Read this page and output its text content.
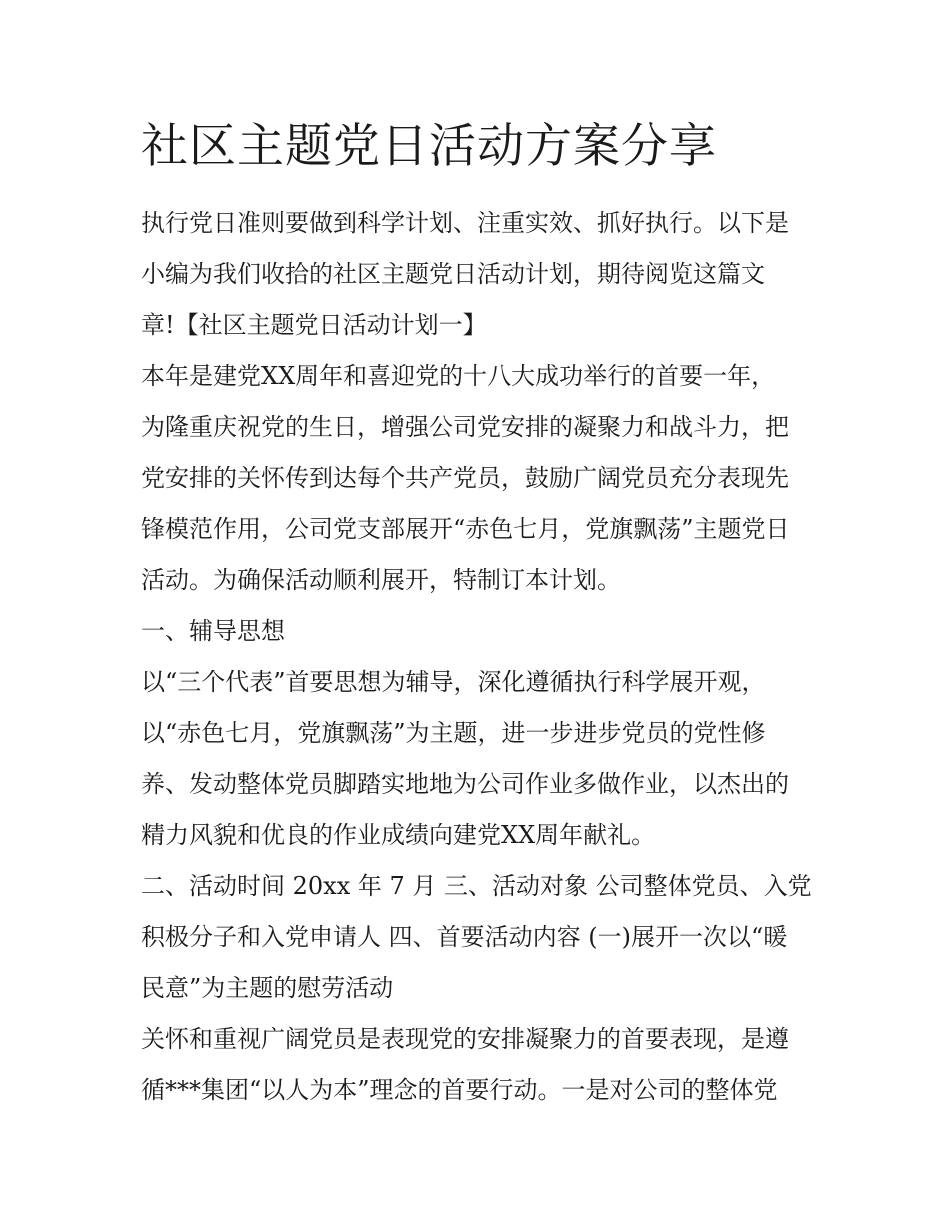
社区主题党日活动方案分享
执行党日准则要做到科学计划、注重实效、抓好执行。以下是
小编为我们收拾的社区主题党日活动计划，期待阅览这篇文
章!【社区主题党日活动计划一】
本年是建党XX周年和喜迎党的十八大成功举行的首要一年，
为隆重庆祝党的生日，增强公司党安排的凝聚力和战斗力，把
党安排的关怀传到达每个共产党员，鼓励广阔党员充分表现先
锋模范作用，公司党支部展开“赤色七月，党旗飘荡”主题党日
活动。为确保活动顺利展开，特制订本计划。
一、辅导思想
以“三个代表”首要思想为辅导，深化遵循执行科学展开观，
以“赤色七月，党旗飘荡”为主题，进一步进步党员的党性修
养、发动整体党员脚踏实地地为公司作业多做作业，以杰出的
精力风貌和优良的作业成绩向建党XX周年献礼。
二、活动时间 20xx 年 7 月 三、活动对象 公司整体党员、入党
积极分子和入党申请人 四、首要活动内容 (一)展开一次以“暖
民意”为主题的慰劳活动
关怀和重视广阔党员是表现党的安排凝聚力的首要表现，是遵
循***集团“以人为本”理念的首要行动。一是对公司的整体党
